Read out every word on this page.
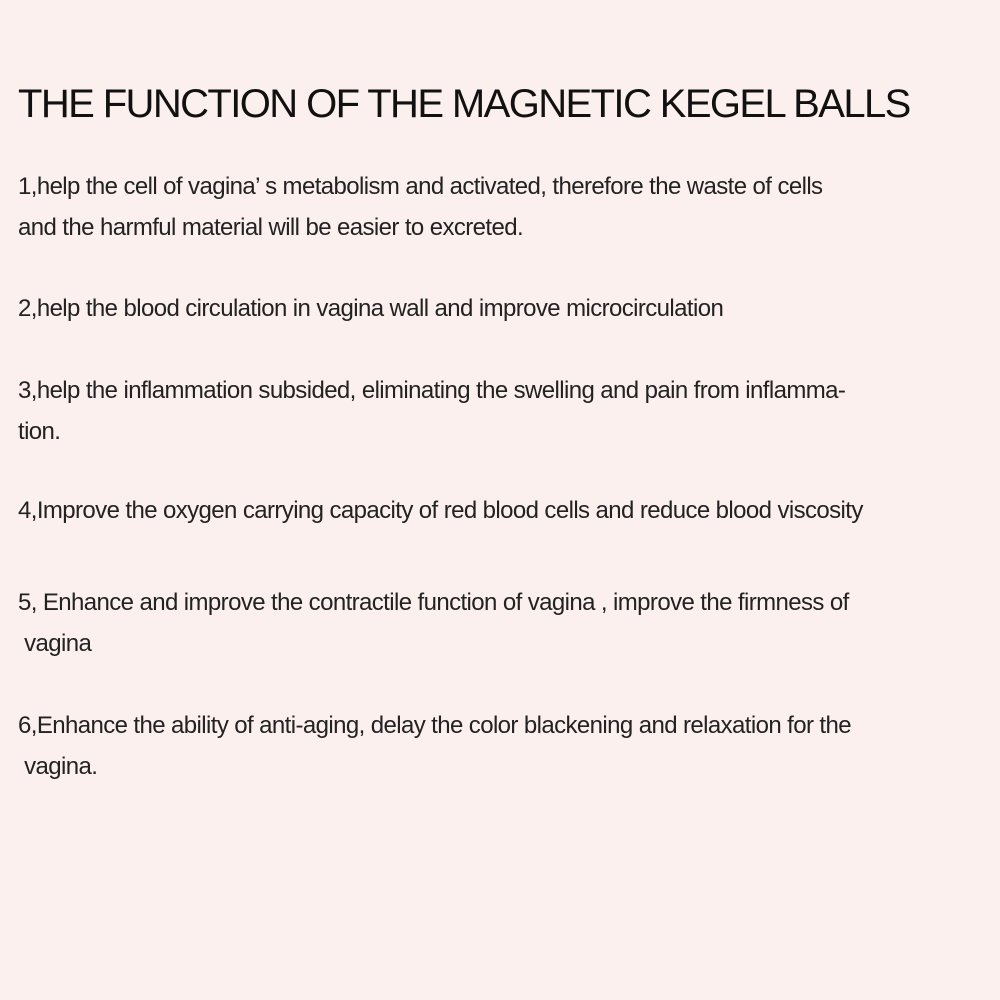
THE FUNCTION OF THE MAGNETIC KEGEL BALLS

1,help the cell of vagina’ s metabolism and activated, therefore the waste of cells
and the harmful material will be easier to excreted.

2,help the blood circulation in vagina wall and improve microcirculation

3,help the inflammation subsided, eliminating the swelling and pain from inflamma-
tion.

4,Improve the oxygen carrying capacity of red blood cells and reduce blood viscosity

5, Enhance and improve the contractile function of vagina , improve the firmness of
vagina

6,Enhance the ability of anti-aging, delay the color blackening and relaxation for the
vagina.
